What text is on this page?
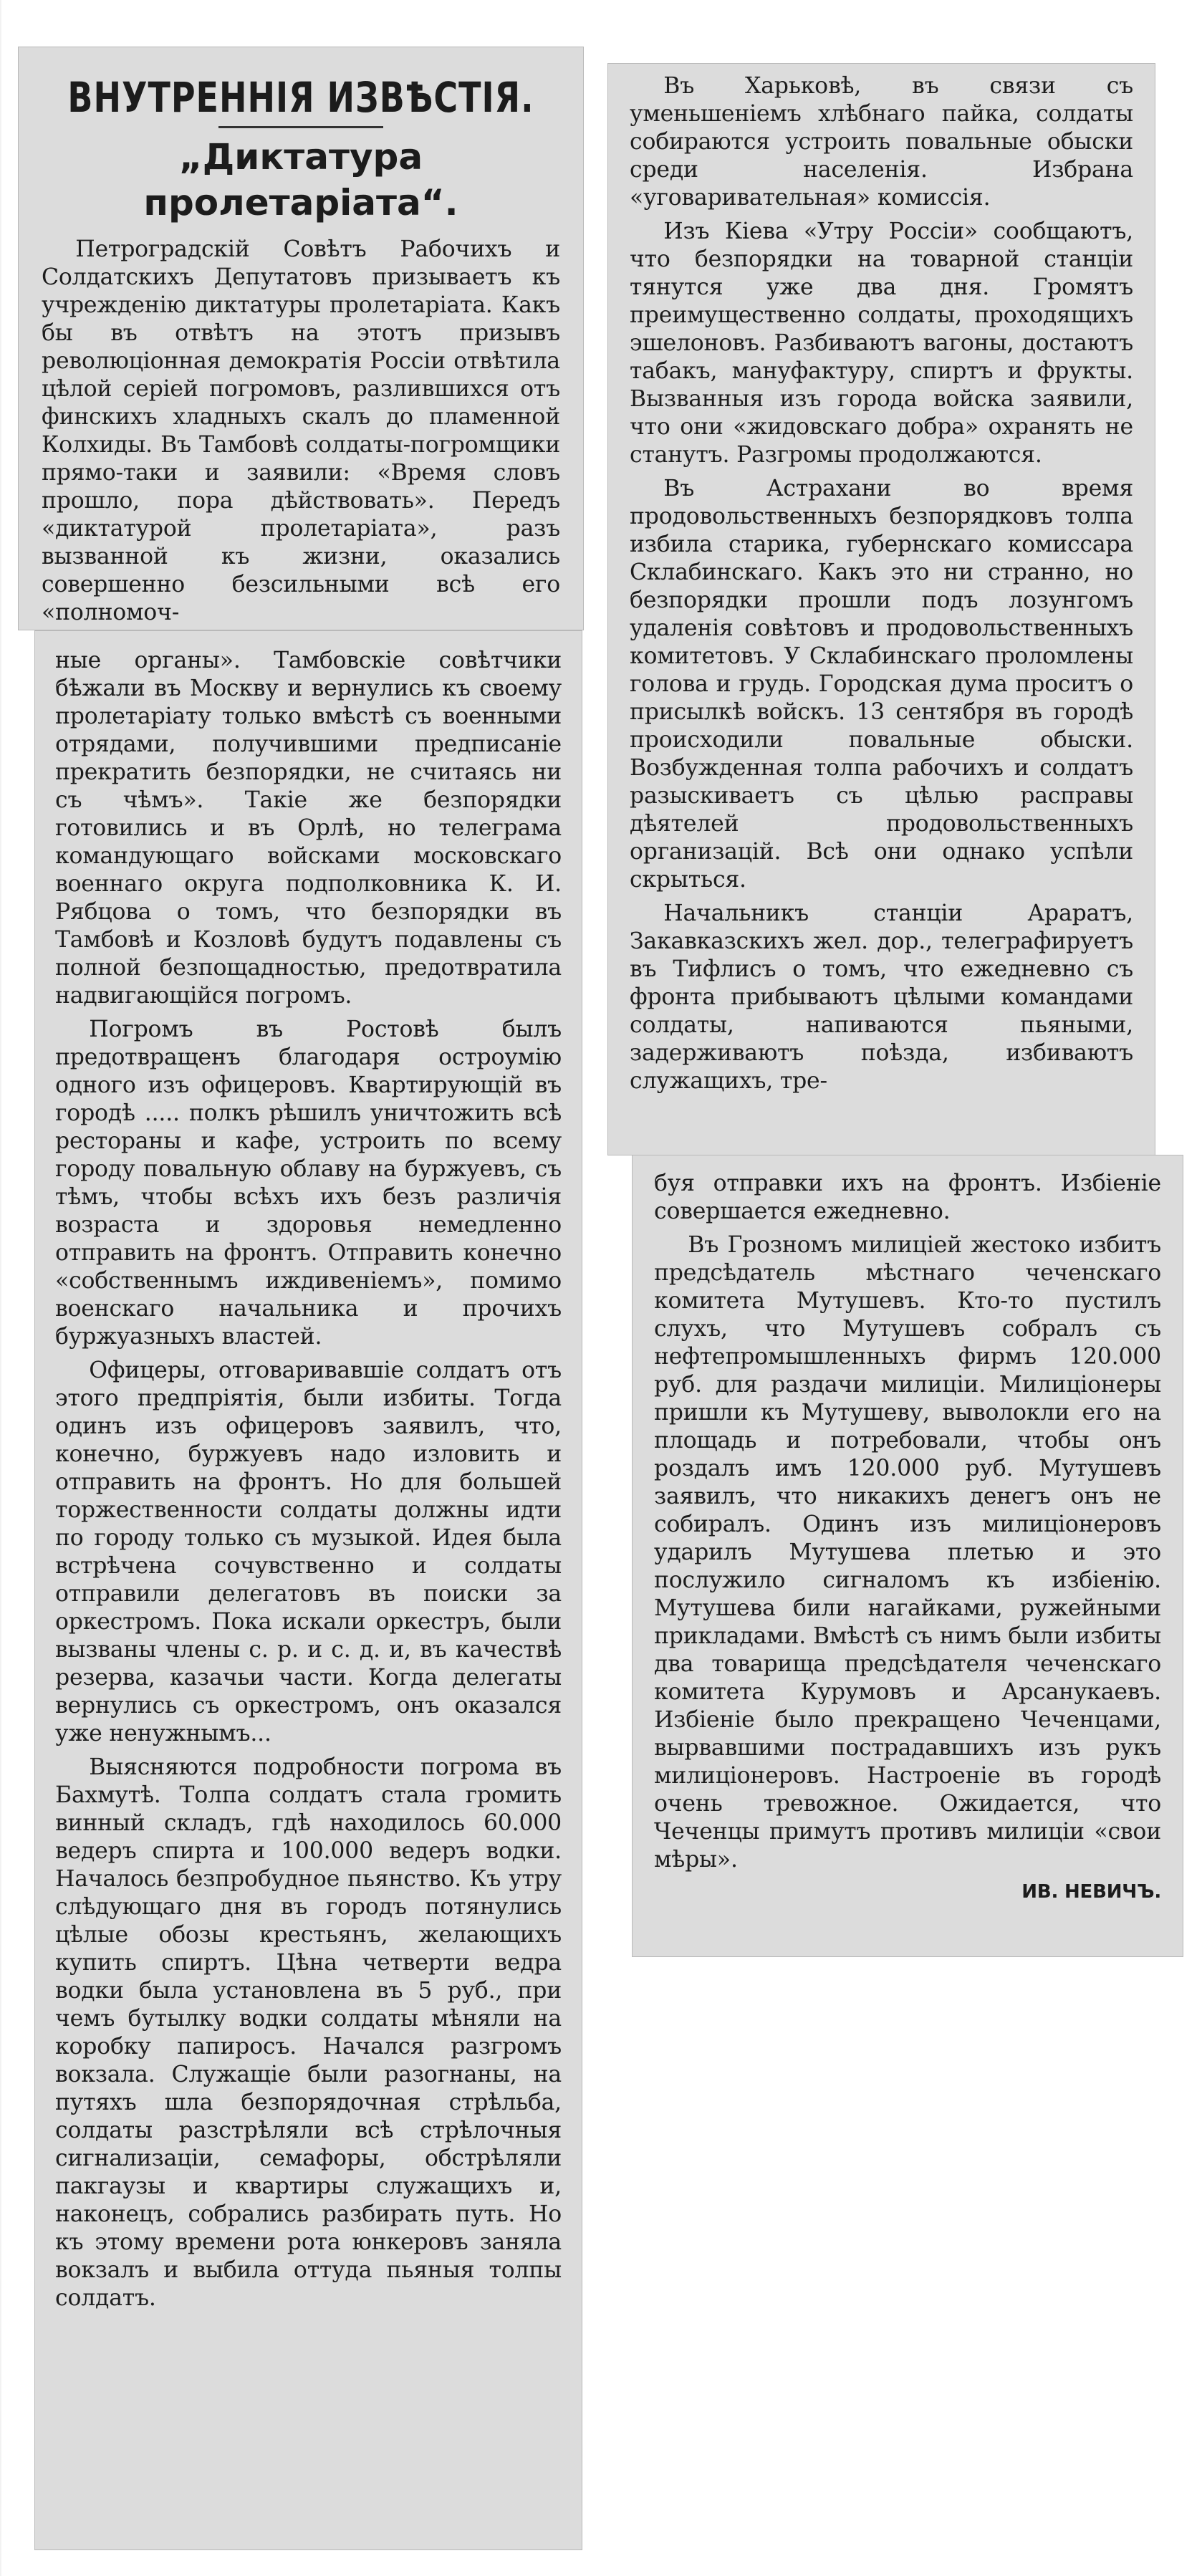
ВНУТРЕННІЯ ИЗВѢСТІЯ.
„Диктатура пролетаріата“.

Петроградскій Совѣтъ Рабочихъ и Солдатскихъ Депутатовъ призываетъ къ учрежденію диктатуры пролетаріата. Какъ бы въ отвѣтъ на этотъ призывъ революціонная демократія Россіи отвѣтила цѣлой серіей погромовъ, разлившихся отъ финскихъ хладныхъ скалъ до пламенной Колхиды. Въ Тамбовѣ солдаты-погромщики прямо-таки и заявили: «Время словъ прошло, пора дѣйствовать». Передъ «диктатурой пролетаріата», разъ вызванной къ жизни, оказались совершенно безсильными всѣ его «полномоч-

ные органы». Тамбовскіе совѣтчики бѣжали въ Москву и вернулись къ своему пролетаріату только вмѣстѣ съ военными отрядами, получившими предписаніе прекратить безпорядки, не считаясь ни съ чѣмъ». Такіе же безпорядки готовились и въ Орлѣ, но телеграма командующаго войсками московскаго военнаго округа подполковника К. И. Рябцова о томъ, что безпорядки въ Тамбовѣ и Козловѣ будутъ подавлены съ полной безпощадностью, предотвратила надвигающійся погромъ.

Погромъ въ Ростовѣ былъ предотвращенъ благодаря остроумію одного изъ офицеровъ. Квартирующій въ городѣ ..... полкъ рѣшилъ уничтожить всѣ рестораны и кафе, устроить по всему городу повальную облаву на буржуевъ, съ тѣмъ, чтобы всѣхъ ихъ безъ различія возраста и здоровья немедленно отправить на фронтъ. Отправить конечно «собственнымъ иждивеніемъ», помимо военскаго начальника и прочихъ буржуазныхъ властей.

Офицеры, отговаривавшіе солдатъ отъ этого предпріятія, были избиты. Тогда одинъ изъ офицеровъ заявилъ, что, конечно, буржуевъ надо изловить и отправить на фронтъ. Но для большей торжественности солдаты должны идти по городу только съ музыкой. Идея была встрѣчена сочувственно и солдаты отправили делегатовъ въ поиски за оркестромъ. Пока искали оркестръ, были вызваны члены с. р. и с. д. и, въ качествѣ резерва, казачьи части. Когда делегаты вернулись съ оркестромъ, онъ оказался уже ненужнымъ...

Выясняются подробности погрома въ Бахмутѣ. Толпа солдатъ стала громить винный складъ, гдѣ находилось 60.000 ведеръ спирта и 100.000 ведеръ водки. Началось безпробудное пьянство. Къ утру слѣдующаго дня въ городъ потянулись цѣлые обозы крестьянъ, желающихъ купить спиртъ. Цѣна четверти ведра водки была установлена въ 5 руб., при чемъ бутылку водки солдаты мѣняли на коробку папиросъ. Начался разгромъ вокзала. Служащіе были разогнаны, на путяхъ шла безпорядочная стрѣльба, солдаты разстрѣляли всѣ стрѣлочныя сигнализаціи, семафоры, обстрѣляли пакгаузы и квартиры служащихъ и, наконецъ, собрались разбирать путь. Но къ этому времени рота юнкеровъ заняла вокзалъ и выбила оттуда пьяныя толпы солдатъ.

Въ Харьковѣ, въ связи съ уменьшеніемъ хлѣбнаго пайка, солдаты собираются устроить повальные обыски среди населенія. Избрана «уговаривательная» комиссія.

Изъ Кіева «Утру Россіи» сообщаютъ, что безпорядки на товарной станціи тянутся уже два дня. Громятъ преимущественно солдаты, проходящихъ эшелоновъ. Разбиваютъ вагоны, достаютъ табакъ, мануфактуру, спиртъ и фрукты. Вызванныя изъ города войска заявили, что они «жидовскаго добра» охранять не станутъ. Разгромы продолжаются.

Въ Астрахани во время продовольственныхъ безпорядковъ толпа избила старика, губернскаго комиссара Склабинскаго. Какъ это ни странно, но безпорядки прошли подъ лозунгомъ удаленія совѣтовъ и продовольственныхъ комитетовъ. У Склабинскаго проломлены голова и грудь. Городская дума проситъ о присылкѣ войскъ. 13 сентября въ городѣ происходили повальные обыски. Возбужденная толпа рабочихъ и солдатъ разыскиваетъ съ цѣлью расправы дѣятелей продовольственныхъ организацій. Всѣ они однако успѣли скрыться.

Начальникъ станціи Араратъ, Закавказскихъ жел. дор., телеграфируетъ въ Тифлисъ о томъ, что ежедневно съ фронта прибываютъ цѣлыми командами солдаты, напиваются пьяными, задерживаютъ поѣзда, избиваютъ служащихъ, тре-

буя отправки ихъ на фронтъ. Избіеніе совершается ежедневно.

Въ Грозномъ милиціей жестоко избитъ предсѣдатель мѣстнаго чеченскаго комитета Мутушевъ. Кто-то пустилъ слухъ, что Мутушевъ собралъ съ нефтепромышленныхъ фирмъ 120.000 руб. для раздачи милиціи. Милиціонеры пришли къ Мутушеву, выволокли его на площадь и потребовали, чтобы онъ роздалъ имъ 120.000 руб. Мутушевъ заявилъ, что никакихъ денегъ онъ не собиралъ. Одинъ изъ милиціонеровъ ударилъ Мутушева плетью и это послужило сигналомъ къ избіенію. Мутушева били нагайками, ружейными прикладами. Вмѣстѣ съ нимъ были избиты два товарища предсѣдателя чеченскаго комитета Курумовъ и Арсанукаевъ. Избіеніе было прекращено Чеченцами, вырвавшими пострадавшихъ изъ рукъ милиціонеровъ. Настроеніе въ городѣ очень тревожное. Ожидается, что Чеченцы примутъ противъ милиціи «свои мѣры».

ИВ. НЕВИЧЪ.
